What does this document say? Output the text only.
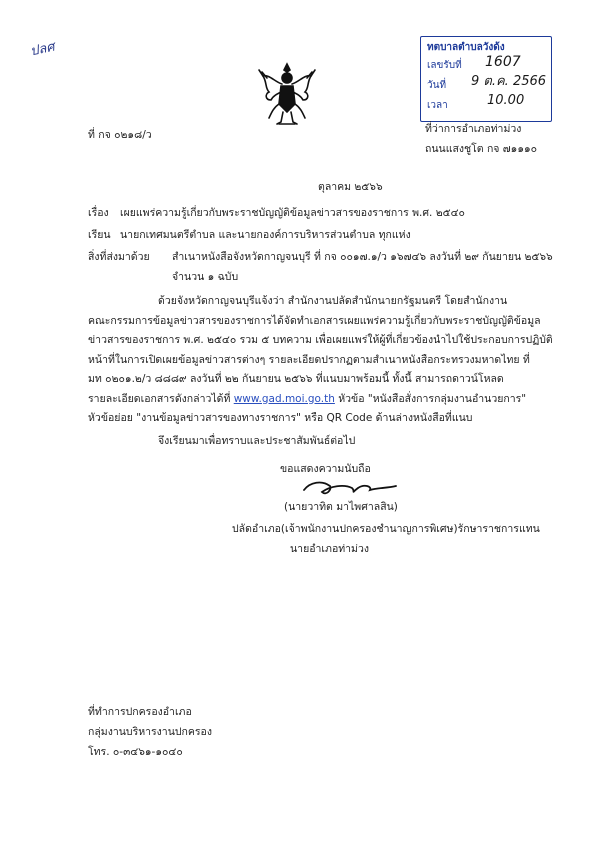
ปลศ	ทตบาลตำบลวังด้ง
เลขรับที่ 1607
วันที่ 9 ต.ค. 2566
เวลา	10.00
ที่ กจ ๐๒๑๘/ว	ที่ว่าการอำเภอท่าม่วง
ถนนแสงชูโต กจ ๗๑๑๑๐
ตุลาคม ๒๕๖๖
เรื่อง เผยแพร่ความรู้เกี่ยวกับพระราชบัญญัติข้อมูลข่าวสารของราชการ พ.ศ. ๒๕๔๐
เรียน นายกเทศมนตรีตำบล และนายกองค์การบริหารส่วนตำบล ทุกแห่ง
สิ่งที่ส่งมาด้วย สำเนาหนังสือจังหวัดกาญจนบุรี ที่ กจ ๐๐๑๗.๑/ว ๑๖๗๔๖ ลงวันที่ ๒๙ กันยายน ๒๕๖๖
จำนวน ๑ ฉบับ
ด้วยจังหวัดกาญจนบุรีแจ้งว่า สำนักงานปลัดสำนักนายกรัฐมนตรี โดยสำนักงาน
คณะกรรมการข้อมูลข่าวสารของราชการได้จัดทำเอกสารเผยแพร่ความรู้เกี่ยวกับพระราชบัญญัติข้อมูล
ข่าวสารของราชการ พ.ศ. ๒๕๔๐ รวม ๕ บทความ เพื่อเผยแพร่ให้ผู้ที่เกี่ยวข้องนำไปใช้ประกอบการปฏิบัติ
หน้าที่ในการเปิดเผยข้อมูลข่าวสารต่างๆ รายละเอียดปรากฏตามสำเนาหนังสือกระทรวงมหาดไทย ที่
มท ๐๒๐๑.๒/ว ๘๘๘๙ ลงวันที่ ๒๒ กันยายน ๒๕๖๖ ที่แนบมาพร้อมนี้ ทั้งนี้ สามารถดาวน์โหลด
รายละเอียดเอกสารดังกล่าวได้ที่ www.gad.moi.go.th หัวข้อ "หนังสือสั่งการกลุ่มงานอำนวยการ"
หัวข้อย่อย "งานข้อมูลข่าวสารของทางราชการ" หรือ QR Code ด้านล่างหนังสือที่แนบ
จึงเรียนมาเพื่อทราบและประชาสัมพันธ์ต่อไป
ขอแสดงความนับถือ
(นายวาทิต มาไพศาลสิน)
ปลัดอำเภอ(เจ้าพนักงานปกครองชำนาญการพิเศษ)รักษาราชการแทน
นายอำเภอท่าม่วง
ที่ทำการปกครองอำเภอ
กลุ่มงานบริหารงานปกครอง
โทร. ๐-๓๔๖๑-๑๐๔๐
